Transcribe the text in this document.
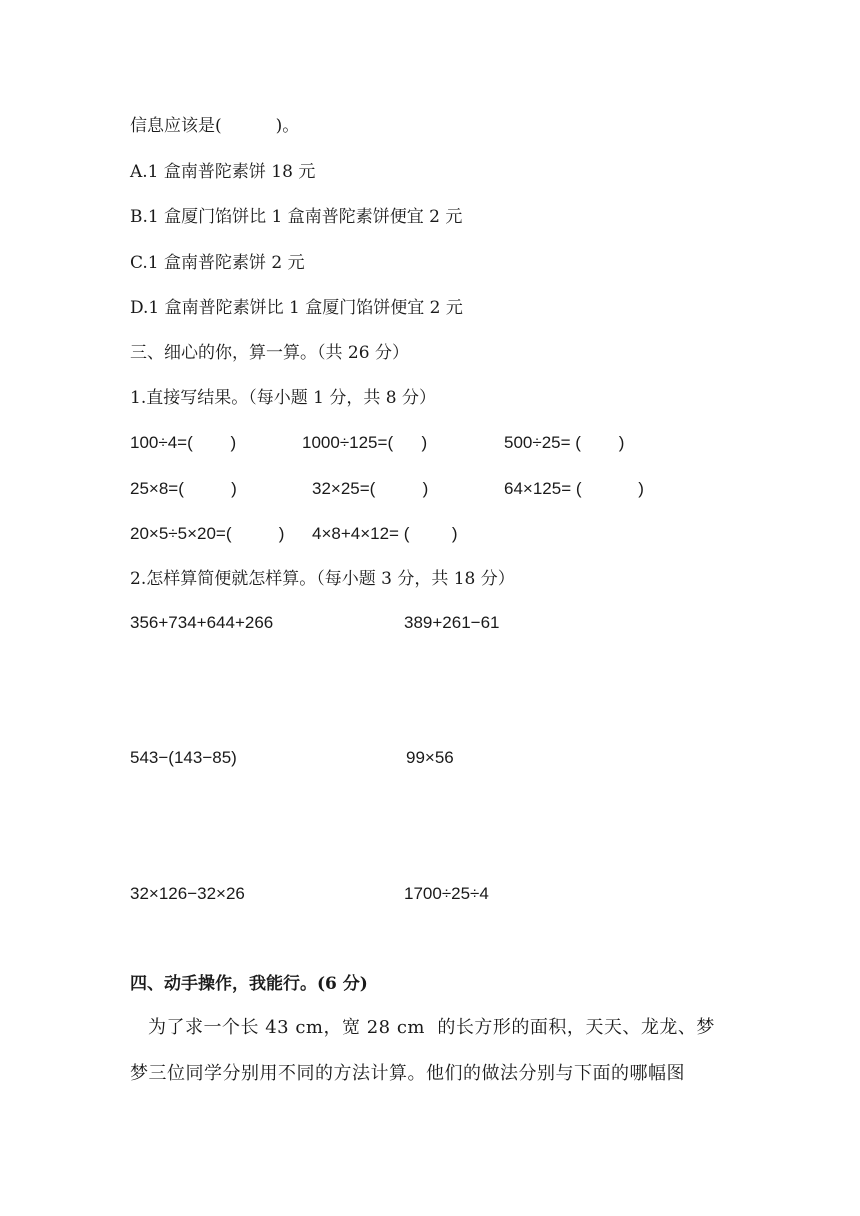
信息应该是(          )。
A.1 盒南普陀素饼 18 元
B.1 盒厦门馅饼比 1 盒南普陀素饼便宜 2 元
C.1 盒南普陀素饼 2 元
D.1 盒南普陀素饼比 1 盒厦门馅饼便宜 2 元
三、细心的你，算一算。（共 26 分）
1.直接写结果。（每小题 1 分，共 8 分）
100÷4=(        )	1000÷125=(      )	500÷25= (        )
25×8=(          )	32×25=(          )	64×125= (            )
20×5÷5×20=(          ) 4×8+4×12= (         )
2.怎样算简便就怎样算。（每小题 3 分，共 18 分）
356+734+644+266	389+261−61
543−(143−85)	99×56
32×126−32×26	1700÷25÷4
四、动手操作，我能行。(6 分)
为了求一个长 43 cm，宽 28 cm  的长方形的面积，天天、龙龙、梦
梦三位同学分别用不同的方法计算。他们的做法分别与下面的哪幅图
